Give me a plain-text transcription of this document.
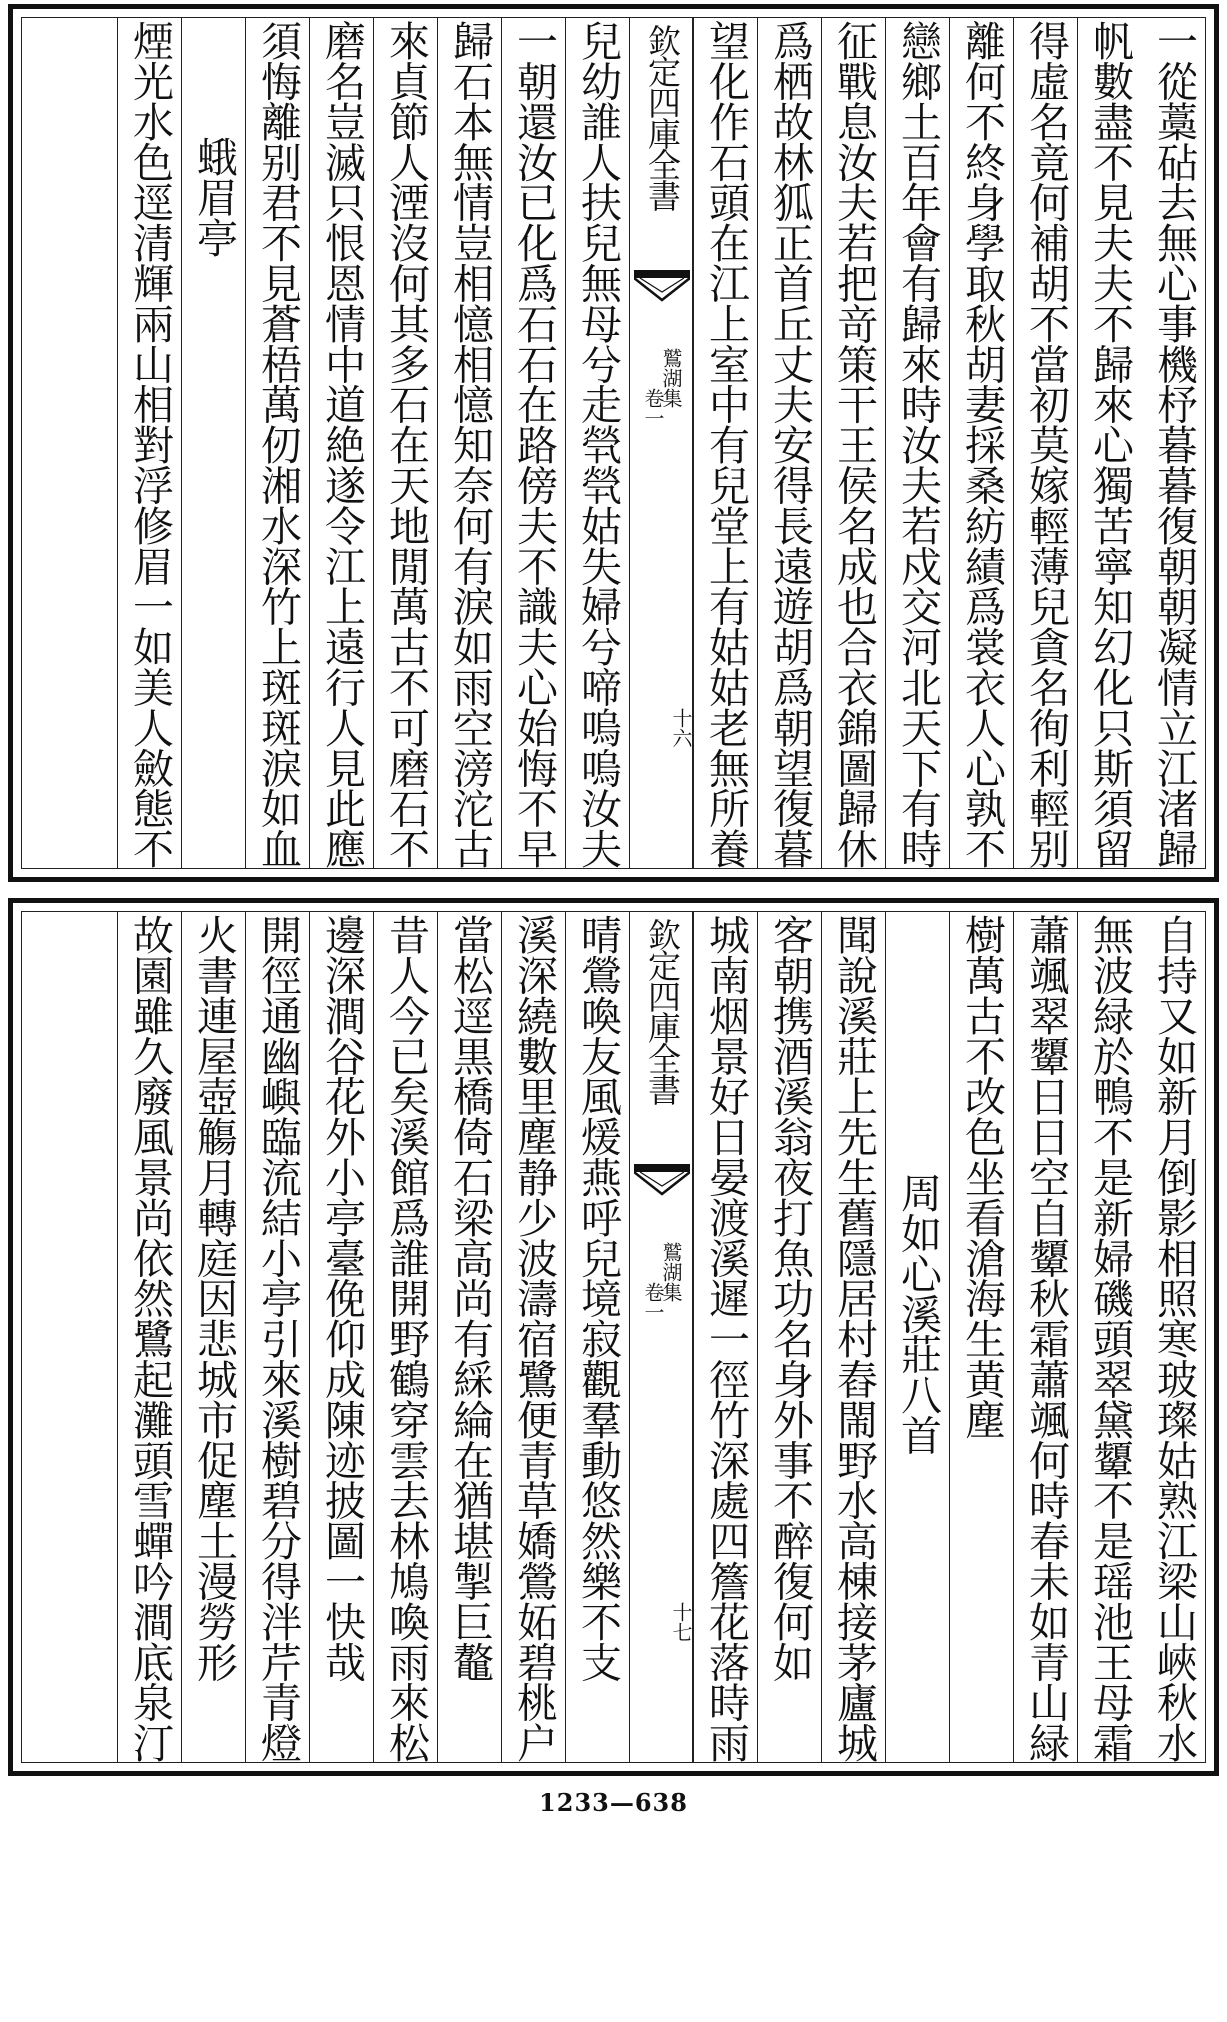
一從藁砧去無心事機杼暮暮復朝朝凝情立江渚歸
帆數盡不見夫夫不歸來心獨苦寧知幻化只斯須留
得虛名竟何補胡不當初莫嫁輕薄兒貪名徇利輕别
離何不終身學取秋胡妻採桑紡績爲裳衣人心孰不
戀鄉土百年會有歸來時汝夫若戍交河北天下有時
征戰息汝夫若把竒策干王侯名成也合衣錦圖歸休
爲栖故林狐正首丘丈夫安得長遠遊胡爲朝望復暮
望化作石頭在江上室中有兒堂上有姑姑老無所養
欽定四庫全書
鷲湖集
卷一
十六
兒幼誰人扶兒無母兮走煢煢姑失婦兮啼嗚嗚汝夫
一朝還汝已化爲石石在路傍夫不識夫心始悔不早
歸石本無情豈相憶相憶知奈何有淚如雨空滂沱古
來貞節人湮沒何其多石在天地閒萬古不可磨石不
磨名豈滅只恨恩情中道絶遂令江上遠行人見此應
須悔離别君不見蒼梧萬仞湘水深竹上斑斑淚如血
蛾眉亭
煙光水色逕清輝兩山相對浮修眉一如美人斂態不
自持又如新月倒影相照寒玻璨姑熟江梁山峽秋水
無波緑於鴨不是新婦磯頭翠黛顰不是瑶池王母霜
蕭颯翠顰日日空自顰秋霜蕭颯何時春未如青山緑
樹萬古不改色坐看滄海生黄塵
周如心溪莊八首
聞說溪莊上先生舊隱居村舂閙野水高棟接茅廬城
客朝携酒溪翁夜打魚功名身外事不醉復何如
城南烟景好日晏渡溪遲一徑竹深處四簷花落時雨
欽定四庫全書
鷲湖集
卷一
十七
晴鶯喚友風煖燕呼兒境寂觀羣動悠然樂不支
溪深繞數里塵静少波濤宿鷺便青草嬌鶯妬碧桃户
當松逕黒橋倚石梁高尚有綵綸在猶堪掣巨鼇
昔人今已矣溪館爲誰開野鶴穿雲去林鳩喚雨來松
邊深澗谷花外小亭臺俛仰成陳迹披圖一快哉
開徑通幽嶼臨流結小亭引來溪樹碧分得泮芹青燈
火書連屋壺觴月轉庭因悲城市促塵土漫勞形
故園雖久廢風景尚依然鷺起灘頭雪蟬吟澗底泉汀
1233—638
